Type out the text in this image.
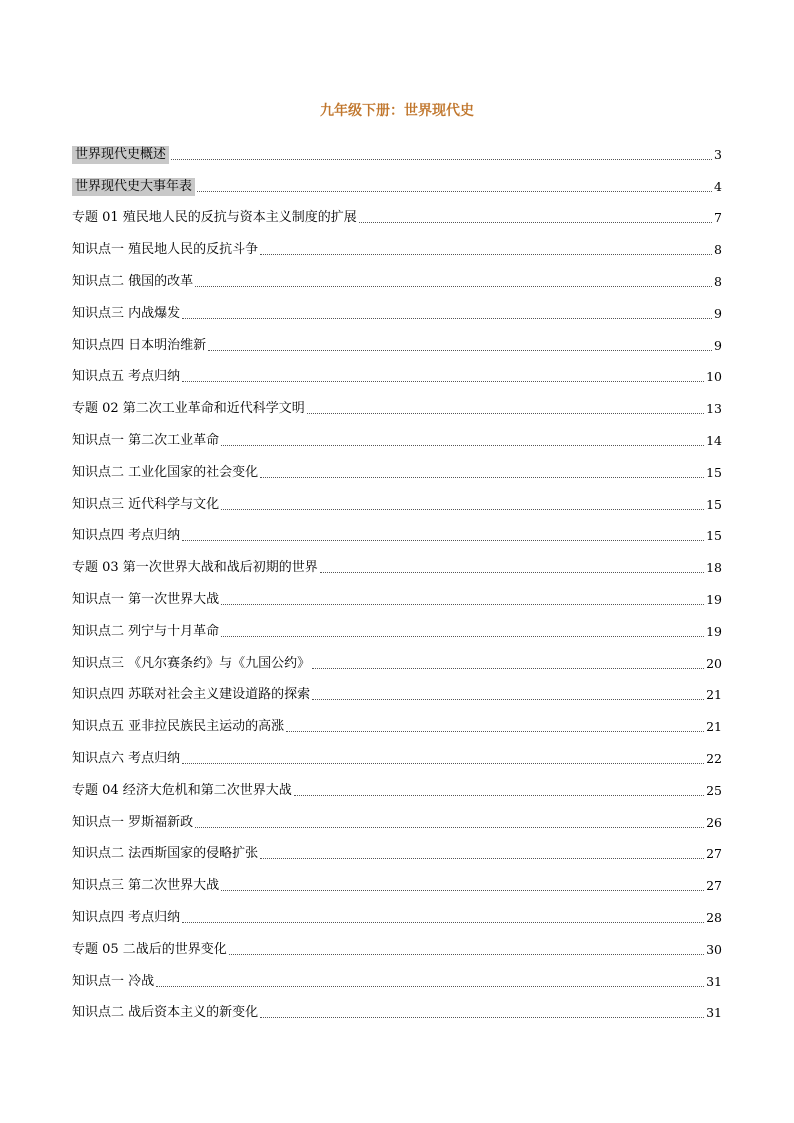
九年级下册：世界现代史
世界现代史概述	3
世界现代史大事年表	4
专题 01 殖民地人民的反抗与资本主义制度的扩展	7
知识点一 殖民地人民的反抗斗争	8
知识点二 俄国的改革	8
知识点三 内战爆发	9
知识点四 日本明治维新	9
知识点五 考点归纳	10
专题 02 第二次工业革命和近代科学文明	13
知识点一 第二次工业革命	14
知识点二 工业化国家的社会变化	15
知识点三 近代科学与文化	15
知识点四 考点归纳	15
专题 03 第一次世界大战和战后初期的世界	18
知识点一 第一次世界大战	19
知识点二 列宁与十月革命	19
知识点三 《凡尔赛条约》与《九国公约》	20
知识点四 苏联对社会主义建设道路的探索	21
知识点五 亚非拉民族民主运动的高涨	21
知识点六 考点归纳	22
专题 04 经济大危机和第二次世界大战	25
知识点一 罗斯福新政	26
知识点二 法西斯国家的侵略扩张	27
知识点三 第二次世界大战	27
知识点四 考点归纳	28
专题 05 二战后的世界变化	30
知识点一 冷战	31
知识点二 战后资本主义的新变化	31
